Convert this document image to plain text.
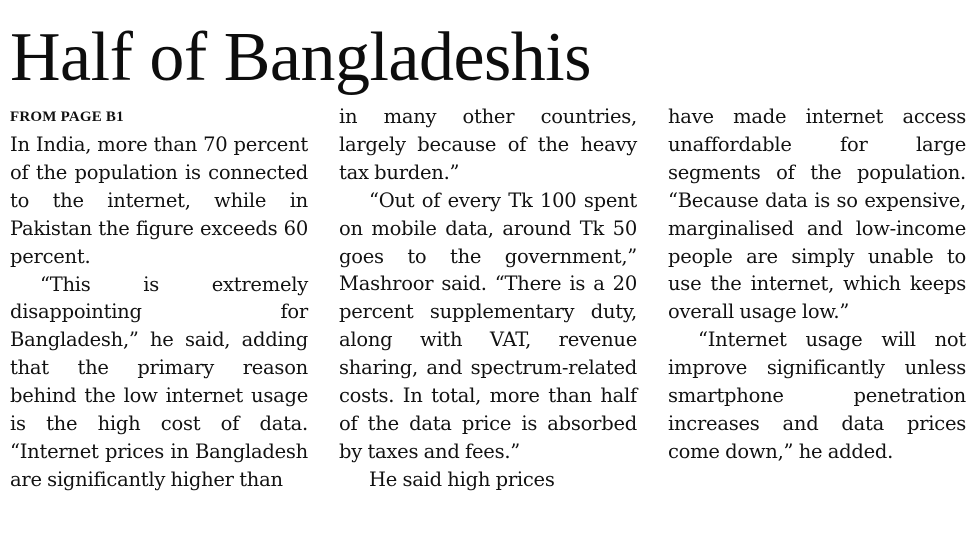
Half of Bangladeshis
FROM PAGE B1

In India, more than 70 percent of the population is connected to the internet, while in Pakistan the figure exceeds 60 percent.

“This is extremely disappointing for Bangladesh,” he said, adding that the primary reason behind the low internet usage is the high cost of data. “Internet prices in Bangladesh are significantly higher than

in many other countries, largely because of the heavy tax burden.”

“Out of every Tk 100 spent on mobile data, around Tk 50 goes to the government,” Mashroor said. “There is a 20 percent supplementary duty, along with VAT, revenue sharing, and spectrum-related costs. In total, more than half of the data price is absorbed by taxes and fees.”

He said high prices

have made internet access unaffordable for large segments of the population. “Because data is so expensive, marginalised and low-income people are simply unable to use the internet, which keeps overall usage low.”

“Internet usage will not improve significantly unless smartphone penetration increases and data prices come down,” he added.
